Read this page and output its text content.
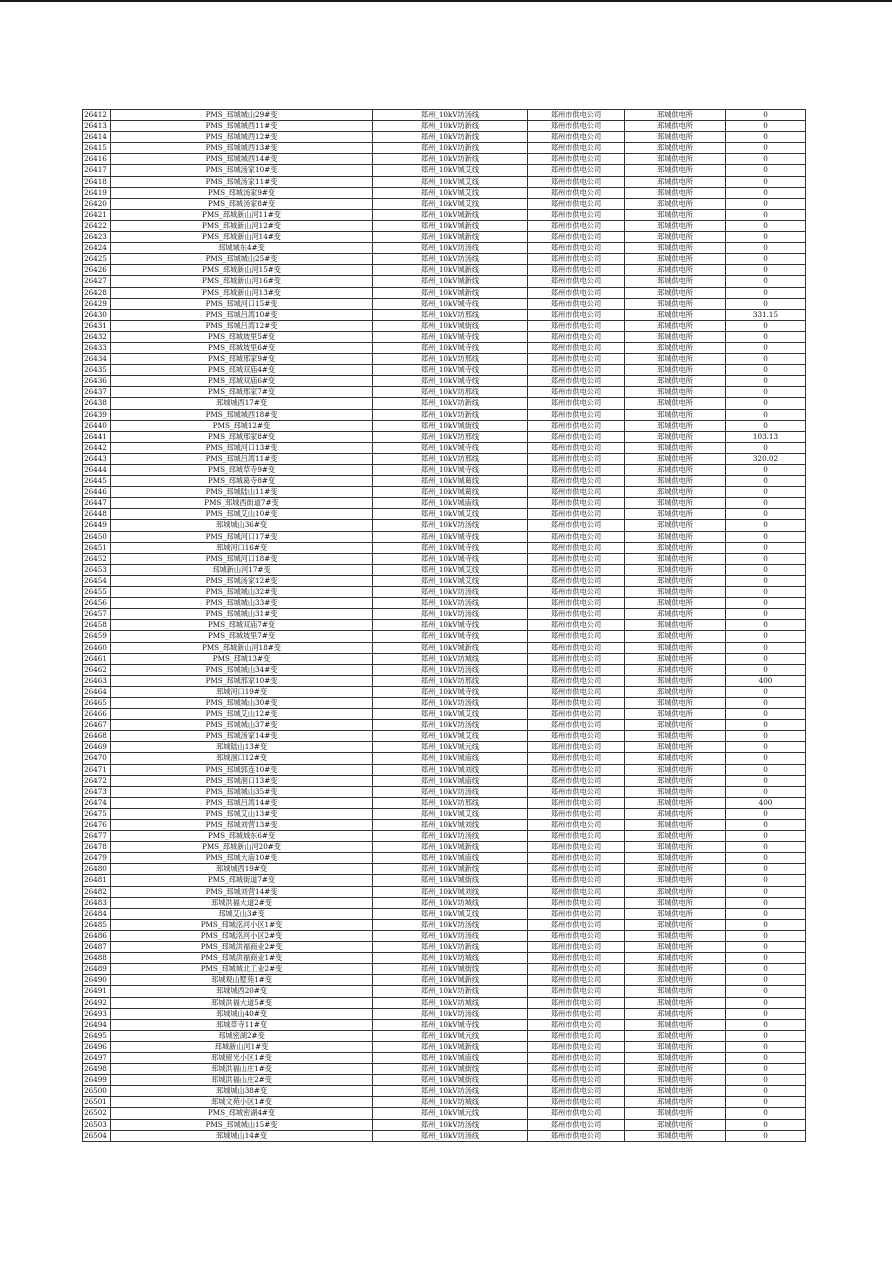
26412	PMS_邳城城山29#变	郑州_10kV坊汤线	郑州市供电公司	邳城供电所	0
26413	PMS_邳城城西11#变	郑州_10kV坊新线	郑州市供电公司	邳城供电所	0
26414	PMS_邳城城西12#变	郑州_10kV坊新线	郑州市供电公司	邳城供电所	0
26415	PMS_邳城城西13#变	郑州_10kV坊新线	郑州市供电公司	邳城供电所	0
26416	PMS_邳城城西14#变	郑州_10kV坊新线	郑州市供电公司	邳城供电所	0
26417	PMS_邳城汤家10#变	郑州_10kV城艾线	郑州市供电公司	邳城供电所	0
26418	PMS_邳城汤家11#变	郑州_10kV城艾线	郑州市供电公司	邳城供电所	0
26419	PMS_邳城汤家9#变	郑州_10kV城艾线	郑州市供电公司	邳城供电所	0
26420	PMS_邳城汤家8#变	郑州_10kV城艾线	郑州市供电公司	邳城供电所	0
26421	PMS_邳城新山河11#变	郑州_10kV城新线	郑州市供电公司	邳城供电所	0
26422	PMS_邳城新山河12#变	郑州_10kV城新线	郑州市供电公司	邳城供电所	0
26423	PMS_邳城新山河14#变	郑州_10kV城新线	郑州市供电公司	邳城供电所	0
26424	邳城城东4#变	郑州_10kV坊汤线	郑州市供电公司	邳城供电所	0
26425	PMS_邳城城山25#变	郑州_10kV坊汤线	郑州市供电公司	邳城供电所	0
26426	PMS_邳城新山河15#变	郑州_10kV城新线	郑州市供电公司	邳城供电所	0
26427	PMS_邳城新山河16#变	郑州_10kV城新线	郑州市供电公司	邳城供电所	0
26428	PMS_邳城新山河13#变	郑州_10kV城新线	郑州市供电公司	邳城供电所	0
26429	PMS_邳城河口15#变	郑州_10kV城寺线	郑州市供电公司	邳城供电所	0
26430	PMS_邳城吕湾10#变	郑州_10kV坊邢线	郑州市供电公司	邳城供电所	331.15
26431	PMS_邳城吕湾12#变	郑州_10kV城街线	郑州市供电公司	邳城供电所	0
26432	PMS_邳城坡里5#变	郑州_10kV城寺线	郑州市供电公司	邳城供电所	0
26433	PMS_邳城坡里6#变	郑州_10kV城寺线	郑州市供电公司	邳城供电所	0
26434	PMS_邳城邢家9#变	郑州_10kV坊邢线	郑州市供电公司	邳城供电所	0
26435	PMS_邳城双庙4#变	郑州_10kV城寺线	郑州市供电公司	邳城供电所	0
26436	PMS_邳城双庙6#变	郑州_10kV城寺线	郑州市供电公司	邳城供电所	0
26437	PMS_邳城邢家7#变	郑州_10kV坊邢线	郑州市供电公司	邳城供电所	0
26438	邳城城西17#变	郑州_10kV坊新线	郑州市供电公司	邳城供电所	0
26439	PMS_邳城城西18#变	郑州_10kV坊新线	郑州市供电公司	邳城供电所	0
26440	PMS_邳城12#变	郑州_10kV城街线	郑州市供电公司	邳城供电所	0
26441	PMS_邳城邢家8#变	郑州_10kV坊邢线	郑州市供电公司	邳城供电所	103.13
26442	PMS_邳城河口13#变	郑州_10kV城寺线	郑州市供电公司	邳城供电所	0
26443	PMS_邳城吕湾11#变	郑州_10kV坊邢线	郑州市供电公司	邳城供电所	320.02
26444	PMS_邳城草寺9#变	郑州_10kV城寺线	郑州市供电公司	邳城供电所	0
26445	PMS_邳城葛寺8#变	郑州_10kV城葛线	郑州市供电公司	邳城供电所	0
26446	PMS_邳城陆山11#变	郑州_10kV城葛线	郑州市供电公司	邳城供电所	0
26447	PMS_邳城西街道7#变	郑州_10kV城庙线	郑州市供电公司	邳城供电所	0
26448	PMS_邳城艾山10#变	郑州_10kV城艾线	郑州市供电公司	邳城供电所	0
26449	邳城城山36#变	郑州_10kV坊汤线	郑州市供电公司	邳城供电所	0
26450	PMS_邳城河口17#变	郑州_10kV城寺线	郑州市供电公司	邳城供电所	0
26451	邳城河口16#变	郑州_10kV城寺线	郑州市供电公司	邳城供电所	0
26452	PMS_邳城河口18#变	郑州_10kV城寺线	郑州市供电公司	邳城供电所	0
26453	邳城新山河17#变	郑州_10kV城艾线	郑州市供电公司	邳城供电所	0
26454	PMS_邳城汤家12#变	郑州_10kV城艾线	郑州市供电公司	邳城供电所	0
26455	PMS_邳城城山32#变	郑州_10kV坊汤线	郑州市供电公司	邳城供电所	0
26456	PMS_邳城城山33#变	郑州_10kV坊汤线	郑州市供电公司	邳城供电所	0
26457	PMS_邳城城山31#变	郑州_10kV坊汤线	郑州市供电公司	邳城供电所	0
26458	PMS_邳城双庙7#变	郑州_10kV城寺线	郑州市供电公司	邳城供电所	0
26459	PMS_邳城坡里7#变	郑州_10kV城寺线	郑州市供电公司	邳城供电所	0
26460	PMS_邳城新山河18#变	郑州_10kV城新线	郑州市供电公司	邳城供电所	0
26461	PMS_邳城13#变	郑州_10kV坊城线	郑州市供电公司	邳城供电所	0
26462	PMS_邳城城山34#变	郑州_10kV坊汤线	郑州市供电公司	邳城供电所	0
26463	PMS_邳城邢家10#变	郑州_10kV坊邢线	郑州市供电公司	邳城供电所	400
26464	邳城河口19#变	郑州_10kV城寺线	郑州市供电公司	邳城供电所	0
26465	PMS_邳城城山30#变	郑州_10kV坊汤线	郑州市供电公司	邳城供电所	0
26466	PMS_邳城艾山12#变	郑州_10kV城艾线	郑州市供电公司	邳城供电所	0
26467	PMS_邳城城山37#变	郑州_10kV坊汤线	郑州市供电公司	邳城供电所	0
26468	PMS_邳城汤家14#变	郑州_10kV城艾线	郑州市供电公司	邳城供电所	0
26469	邳城陆山13#变	郑州_10kV城元线	郑州市供电公司	邳城供电所	0
26470	邳城洄口12#变	郑州_10kV城庙线	郑州市供电公司	邳城供电所	0
26471	PMS_邳城郭连10#变	郑州_10kV城刘线	郑州市供电公司	邳城供电所	0
26472	PMS_邳城洄口13#变	郑州_10kV城庙线	郑州市供电公司	邳城供电所	0
26473	PMS_邳城城山35#变	郑州_10kV坊汤线	郑州市供电公司	邳城供电所	0
26474	PMS_邳城吕湾14#变	郑州_10kV坊邢线	郑州市供电公司	邳城供电所	400
26475	PMS_邳城艾山13#变	郑州_10kV城艾线	郑州市供电公司	邳城供电所	0
26476	PMS_邳城刘营13#变	郑州_10kV城刘线	郑州市供电公司	邳城供电所	0
26477	PMS_邳城城东6#变	郑州_10kV坊汤线	郑州市供电公司	邳城供电所	0
26478	PMS_邳城新山河20#变	郑州_10kV城新线	郑州市供电公司	邳城供电所	0
26479	PMS_邳城大庙10#变	郑州_10kV城庙线	郑州市供电公司	邳城供电所	0
26480	邳城城西19#变	郑州_10kV城新线	郑州市供电公司	邳城供电所	0
26481	PMS_邳城街道7#变	郑州_10kV城街线	郑州市供电公司	邳城供电所	0
26482	PMS_邳城刘营14#变	郑州_10kV城刘线	郑州市供电公司	邳城供电所	0
26483	邳城洪福大道2#变	郑州_10kV坊城线	郑州市供电公司	邳城供电所	0
26484	邳城艾山3#变	郑州_10kV城艾线	郑州市供电公司	邳城供电所	0
26485	PMS_邳城洺河小区1#变	郑州_10kV坊汤线	郑州市供电公司	邳城供电所	0
26486	PMS_邳城洺河小区2#变	郑州_10kV坊汤线	郑州市供电公司	邳城供电所	0
26487	PMS_邳城洪福商业2#变	郑州_10kV坊新线	郑州市供电公司	邳城供电所	0
26488	PMS_邳城洪福商业1#变	郑州_10kV坊城线	郑州市供电公司	邳城供电所	0
26489	PMS_邳城城北工业2#变	郑州_10kV城街线	郑州市供电公司	邳城供电所	0
26490	邳城观山墅苑1#变	郑州_10kV城新线	郑州市供电公司	邳城供电所	0
26491	邳城城西20#变	郑州_10kV坊新线	郑州市供电公司	邳城供电所	0
26492	邳城洪福大道5#变	郑州_10kV坊城线	郑州市供电公司	邳城供电所	0
26493	邳城城山40#变	郑州_10kV坊汤线	郑州市供电公司	邳城供电所	0
26494	邳城草寺11#变	郑州_10kV城寺线	郑州市供电公司	邳城供电所	0
26495	邳城密湖2#变	郑州_10kV城元线	郑州市供电公司	邳城供电所	0
26496	邳城新山河1#变	郑州_10kV城新线	郑州市供电公司	邳城供电所	0
26497	邳城留光小区1#变	郑州_10kV城庙线	郑州市供电公司	邳城供电所	0
26498	邳城洪福山庄1#变	郑州_10kV城街线	郑州市供电公司	邳城供电所	0
26499	邳城洪福山庄2#变	郑州_10kV城街线	郑州市供电公司	邳城供电所	0
26500	邳城城山38#变	郑州_10kV坊汤线	郑州市供电公司	邳城供电所	0
26501	邳城文苑小区1#变	郑州_10kV坊城线	郑州市供电公司	邳城供电所	0
26502	PMS_邳城密湖4#变	郑州_10kV城元线	郑州市供电公司	邳城供电所	0
26503	PMS_邳城城山15#变	郑州_10kV坊汤线	郑州市供电公司	邳城供电所	0
26504	邳城城山14#变	郑州_10kV坊汤线	郑州市供电公司	邳城供电所	0
